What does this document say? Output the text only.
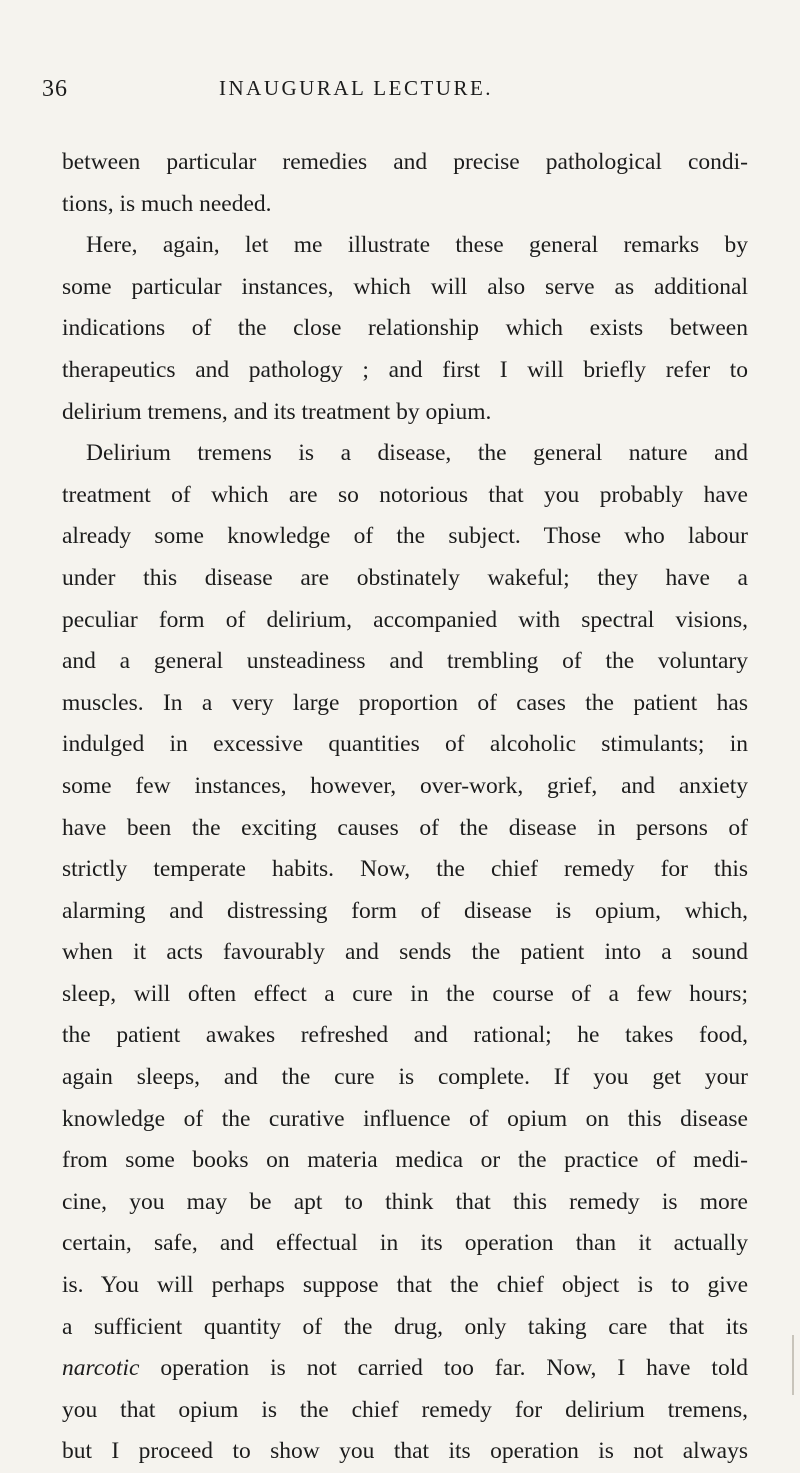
36	INAUGURAL LECTURE.
between particular remedies and precise pathological condi-
tions, is much needed.
Here, again, let me illustrate these general remarks by
some particular instances, which will also serve as additional
indications of the close relationship which exists between
therapeutics and pathology ; and first I will briefly refer to
delirium tremens, and its treatment by opium.
Delirium tremens is a disease, the general nature and
treatment of which are so notorious that you probably have
already some knowledge of the subject. Those who labour
under this disease are obstinately wakeful; they have a
peculiar form of delirium, accompanied with spectral visions,
and a general unsteadiness and trembling of the voluntary
muscles. In a very large proportion of cases the patient has
indulged in excessive quantities of alcoholic stimulants; in
some few instances, however, over-work, grief, and anxiety
have been the exciting causes of the disease in persons of
strictly temperate habits. Now, the chief remedy for this
alarming and distressing form of disease is opium, which,
when it acts favourably and sends the patient into a sound
sleep, will often effect a cure in the course of a few hours;
the patient awakes refreshed and rational; he takes food,
again sleeps, and the cure is complete. If you get your
knowledge of the curative influence of opium on this disease
from some books on materia medica or the practice of medi-
cine, you may be apt to think that this remedy is more
certain, safe, and effectual in its operation than it actually
is. You will perhaps suppose that the chief object is to give
a sufficient quantity of the drug, only taking care that its
narcotic operation is not carried too far. Now, I have told
you that opium is the chief remedy for delirium tremens,
but I proceed to show you that its operation is not always
